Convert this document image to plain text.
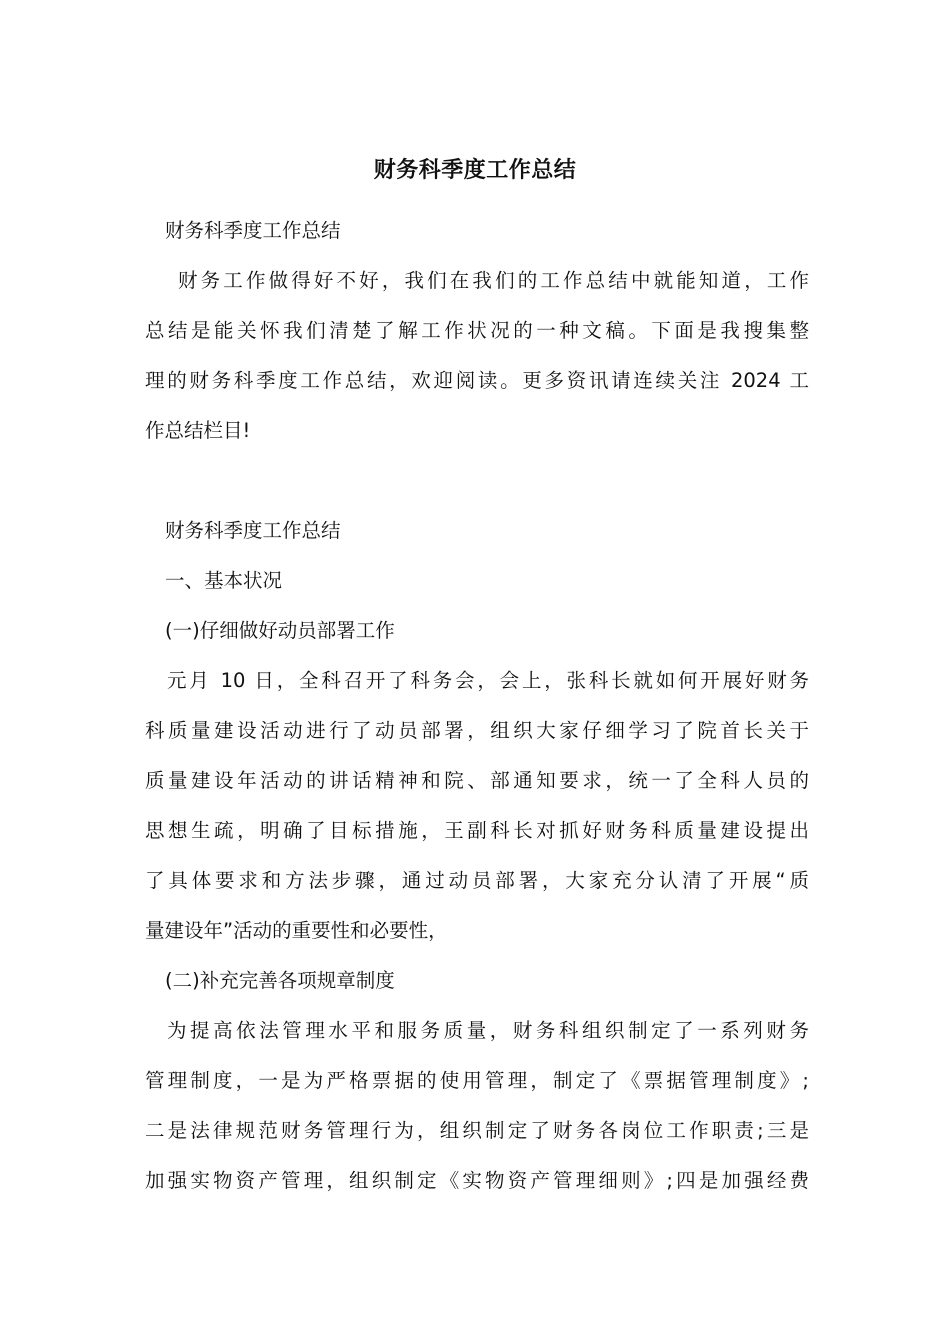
财务科季度工作总结

财务科季度工作总结

财务工作做得好不好，我们在我们的工作总结中就能知道，工作

总结是能关怀我们清楚了解工作状况的一种文稿。下面是我搜集整

理的财务科季度工作总结，欢迎阅读。更多资讯请连续关注 2024 工

作总结栏目!

财务科季度工作总结

一、基本状况

(一)仔细做好动员部署工作

元月 10 日，全科召开了科务会，会上，张科长就如何开展好财务

科质量建设活动进行了动员部署，组织大家仔细学习了院首长关于

质量建设年活动的讲话精神和院、部通知要求，统一了全科人员的

思想生疏，明确了目标措施，王副科长对抓好财务科质量建设提出

了具体要求和方法步骤，通过动员部署，大家充分认清了开展“质

量建设年”活动的重要性和必要性，

(二)补充完善各项规章制度

为提高依法管理水平和服务质量，财务科组织制定了一系列财务

管理制度，一是为严格票据的使用管理，制定了《票据管理制度》;

二是法律规范财务管理行为，组织制定了财务各岗位工作职责;三是

加强实物资产管理，组织制定《实物资产管理细则》;四是加强经费
